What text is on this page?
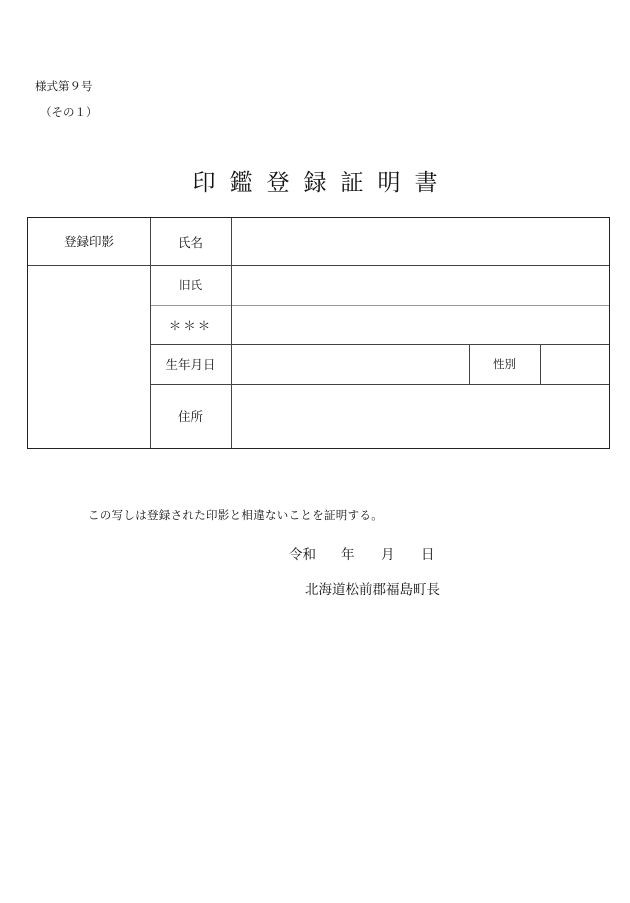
様式第９号
（その１）
印鑑登録証明書
登録印影	氏名
旧氏
＊＊＊
生年月日	性別
住所
この写しは登録された印影と相違ないことを証明する。
令和	年	月	日
北海道松前郡福島町長
